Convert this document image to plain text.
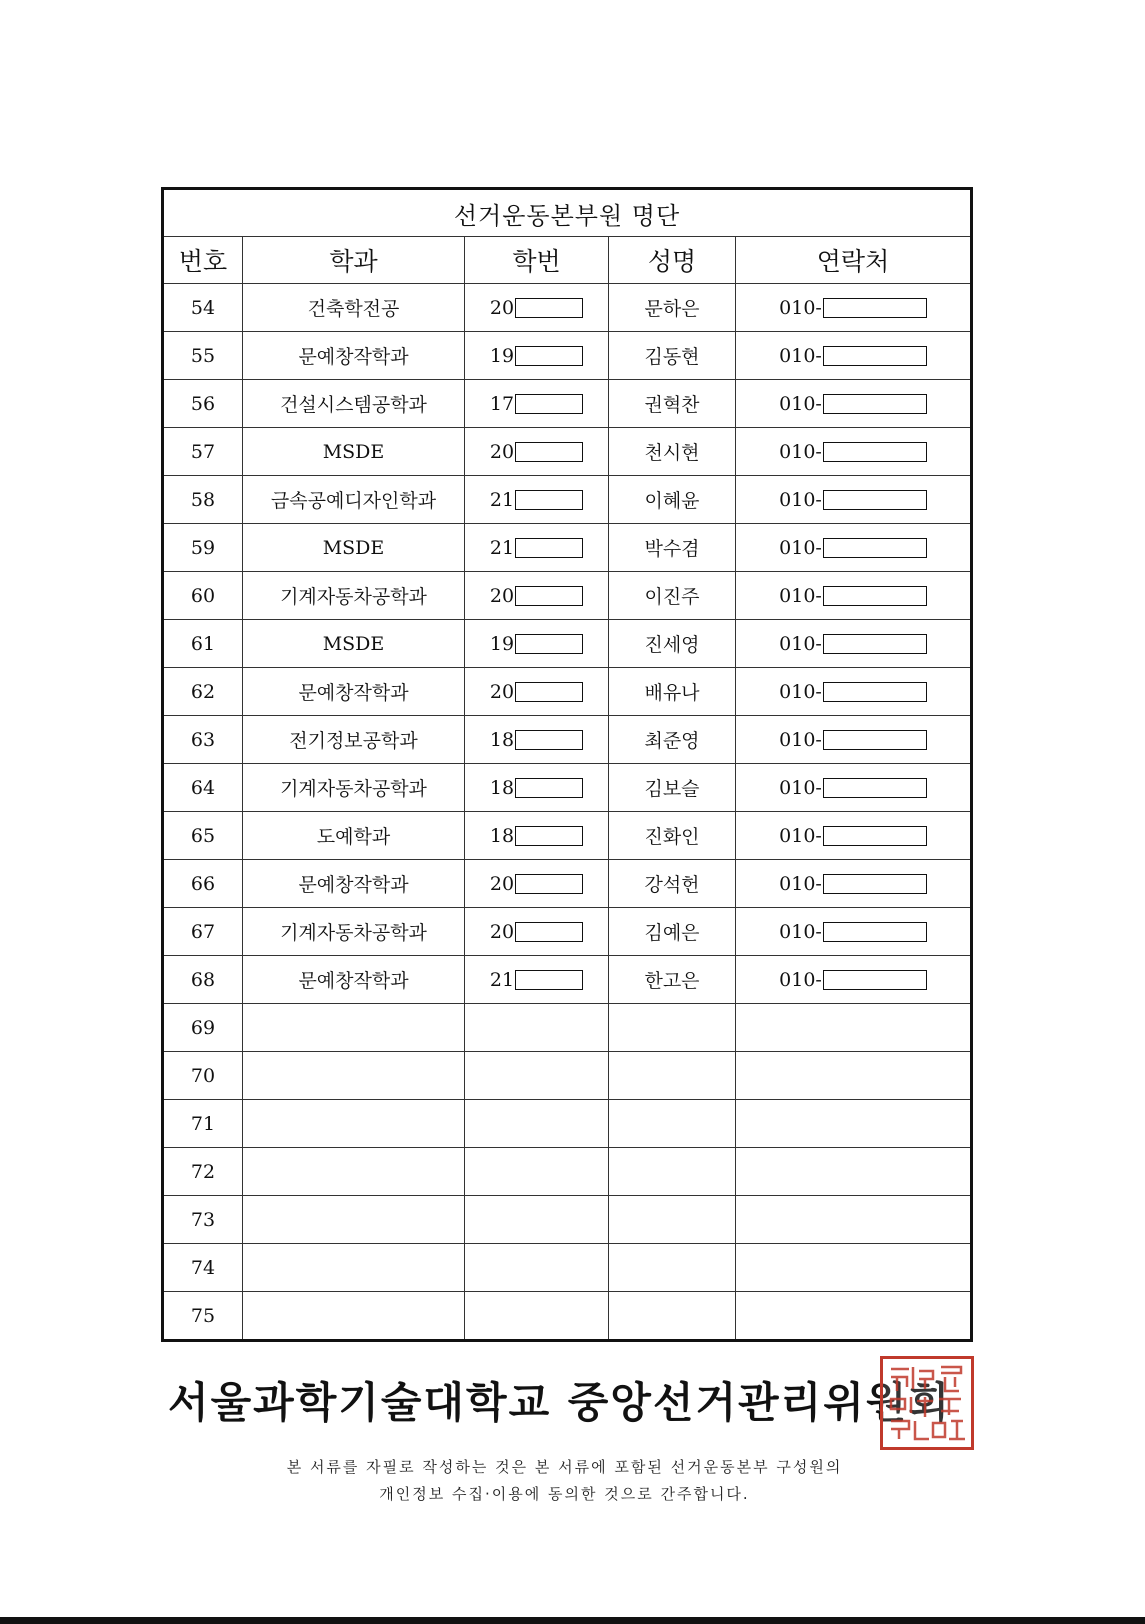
선거운동본부원 명단				
번호	학과	학번	성명	연락처
54	건축학전공	20	문하은	010-

55	문예창작학과	19	김동현	010-

56	건설시스템공학과	17	권혁찬	010-

57	MSDE	20	천시현	010-

58	금속공예디자인학과	21	이혜윤	010-

59	MSDE	21	박수겸	010-

60	기계자동차공학과	20	이진주	010-

61	MSDE	19	진세영	010-

62	문예창작학과	20	배유나	010-

63	전기정보공학과	18	최준영	010-

64	기계자동차공학과	18	김보슬	010-

65	도예학과	18	진화인	010-

66	문예창작학과	20	강석헌	010-

67	기계자동차공학과	20	김예은	010-

68	문예창작학과	21	한고은	010-

69				
70				
71				
72				
73				
74				
75				
서울과학기술대학교 중앙선거관리위원회
본 서류를 자필로 작성하는 것은 본 서류에 포함된 선거운동본부 구성원의
개인정보 수집·이용에 동의한 것으로 간주합니다.
